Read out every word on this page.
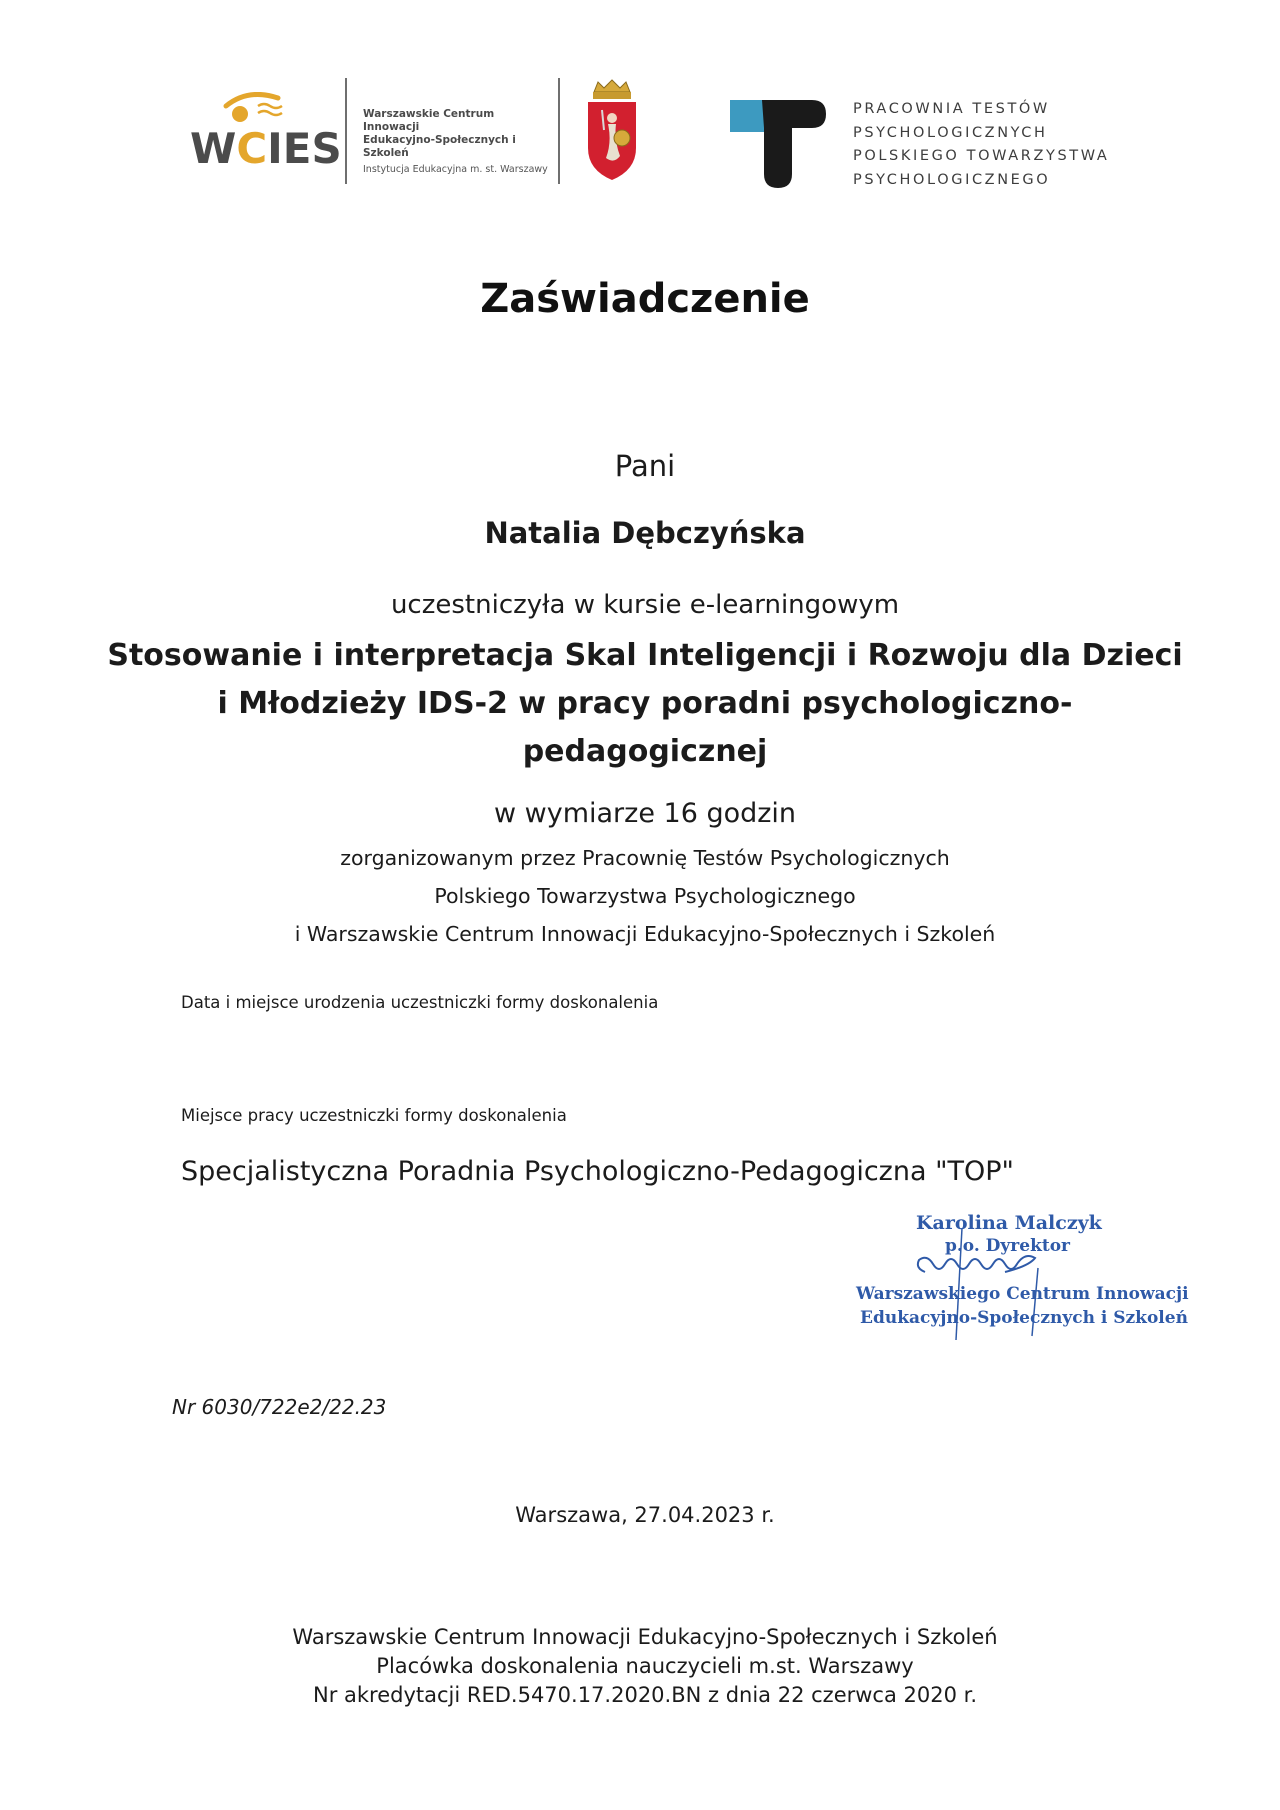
WCIES
Warszawskie Centrum Innowacji
Edukacyjno-Społecznych i Szkoleń
Instytucja Edukacyjna m. st. Warszawy
PRACOWNIA TESTÓW
PSYCHOLOGICZNYCH
POLSKIEGO TOWARZYSTWA
PSYCHOLOGICZNEGO
Zaświadczenie
Pani
Natalia Dębczyńska
uczestniczyła w kursie e-learningowym
Stosowanie i interpretacja Skal Inteligencji i Rozwoju dla Dzieci
i Młodzieży IDS-2 w pracy poradni psychologiczno-
pedagogicznej
w wymiarze 16 godzin
zorganizowanym przez Pracownię Testów Psychologicznych
Polskiego Towarzystwa Psychologicznego
i Warszawskie Centrum Innowacji Edukacyjno-Społecznych i Szkoleń
Data i miejsce urodzenia uczestniczki formy doskonalenia
Miejsce pracy uczestniczki formy doskonalenia
Specjalistyczna Poradnia Psychologiczno-Pedagogiczna "TOP"
Karolina Malczyk
p.o. Dyrektor
Warszawskiego Centrum Innowacji
Edukacyjno-Społecznych i Szkoleń
Nr 6030/722e2/22.23
Warszawa, 27.04.2023 r.
Warszawskie Centrum Innowacji Edukacyjno-Społecznych i Szkoleń
Placówka doskonalenia nauczycieli m.st. Warszawy
Nr akredytacji RED.5470.17.2020.BN z dnia 22 czerwca 2020 r.
